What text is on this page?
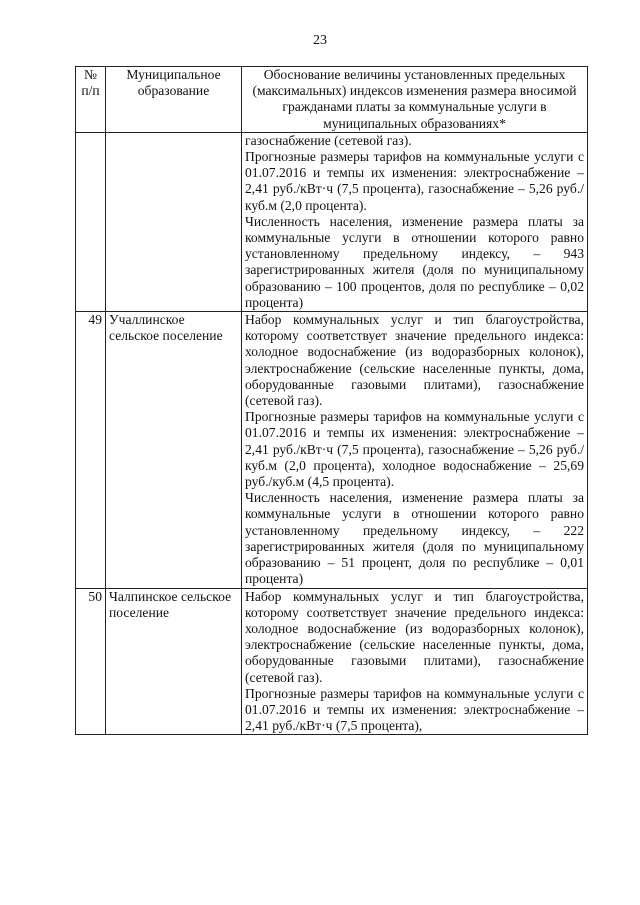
23
№ п/п	Муниципальное образование	Обоснование величины установленных предельных (максимальных) индексов изменения размера вносимой гражданами платы за коммунальные услуги в муниципальных образованиях*

		газоснабжение (сетевой газ).

Прогнозные размеры тарифов на коммунальные услуги с 01.07.2016 и темпы их изменения: электроснабжение – 2,41 руб./кВт·ч (7,5 процента), газоснабжение – 5,26 руб./куб.м (2,0 процента).

Численность населения, изменение размера платы за коммунальные услуги в отношении которого равно установленному предельному индексу, – 943 зарегистрированных жителя (доля по муниципальному образованию – 100 процентов, доля по республике – 0,02 процента)

49	Учаллинское сельское поселение	Набор коммунальных услуг и тип благоустройства, которому соответствует значение предельного индекса: холодное водоснабжение (из водоразборных колонок), электроснабжение (сельские населенные пункты, дома, оборудованные газовыми плитами), газоснабжение (сетевой газ).

Прогнозные размеры тарифов на коммунальные услуги с 01.07.2016 и темпы их изменения: электроснабжение – 2,41 руб./кВт·ч (7,5 процента), газоснабжение – 5,26 руб./куб.м (2,0 процента), холодное водоснабжение – 25,69 руб./куб.м (4,5 процента).

Численность населения, изменение размера платы за коммунальные услуги в отношении которого равно установленному предельному индексу, – 222 зарегистрированных жителя (доля по муниципальному образованию – 51 процент, доля по республике – 0,01 процента)

50	Чалпинское сельское поселение	Набор коммунальных услуг и тип благоустройства, которому соответствует значение предельного индекса: холодное водоснабжение (из водоразборных колонок), электроснабжение (сельские населенные пункты, дома, оборудованные газовыми плитами), газоснабжение (сетевой газ).

Прогнозные размеры тарифов на коммунальные услуги с 01.07.2016 и темпы их изменения: электроснабжение – 2,41 руб./кВт·ч (7,5 процента),
